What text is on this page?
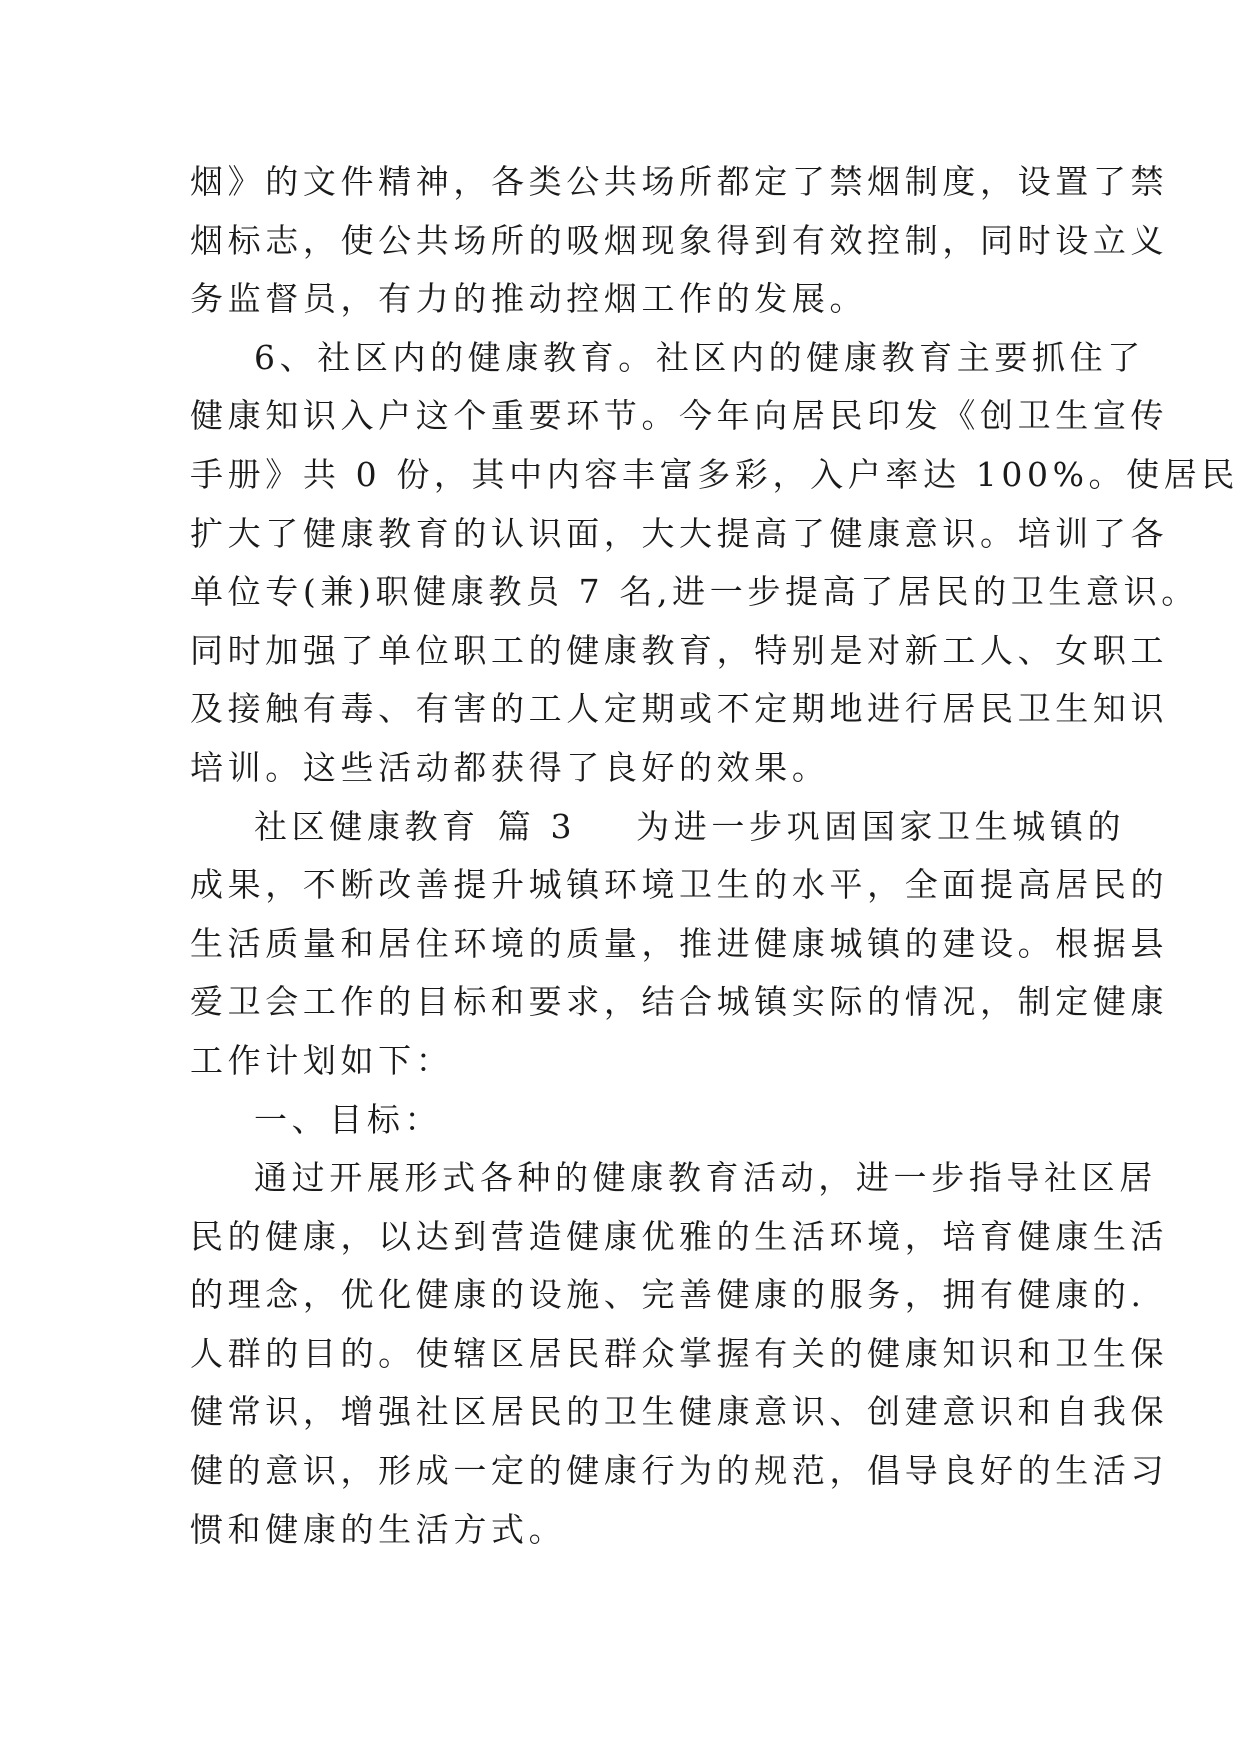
烟》的文件精神，各类公共场所都定了禁烟制度，设置了禁
烟标志，使公共场所的吸烟现象得到有效控制，同时设立义
务监督员，有力的推动控烟工作的发展。
6、社区内的健康教育。社区内的健康教育主要抓住了
健康知识入户这个重要环节。今年向居民印发《创卫生宣传
手册》共 0 份，其中内容丰富多彩，入户率达 100%。使居民
扩大了健康教育的认识面，大大提高了健康意识。培训了各
单位专(兼)职健康教员 7 名,进一步提高了居民的卫生意识。
同时加强了单位职工的健康教育，特别是对新工人、女职工
及接触有毒、有害的工人定期或不定期地进行居民卫生知识
培训。这些活动都获得了良好的效果。
社区健康教育 篇 3 为进一步巩固国家卫生城镇的
成果，不断改善提升城镇环境卫生的水平，全面提高居民的
生活质量和居住环境的质量，推进健康城镇的建设。根据县
爱卫会工作的目标和要求，结合城镇实际的情况，制定健康
工作计划如下：
一、目标：
通过开展形式各种的健康教育活动，进一步指导社区居
民的健康，以达到营造健康优雅的生活环境，培育健康生活
的理念，优化健康的设施、完善健康的服务，拥有健康的.
人群的目的。使辖区居民群众掌握有关的健康知识和卫生保
健常识，增强社区居民的卫生健康意识、创建意识和自我保
健的意识，形成一定的健康行为的规范，倡导良好的生活习
惯和健康的生活方式。
